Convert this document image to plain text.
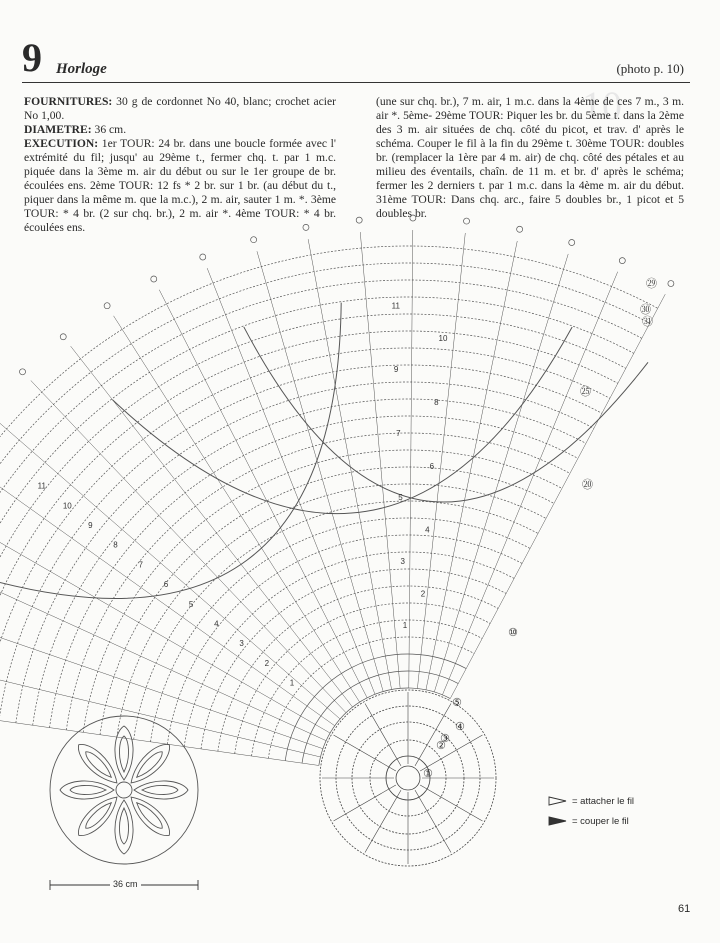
10
9 Horloge	(photo p. 10)

FOURNITURES: 30 g de cordonnet No 40, blanc; crochet acier No 1,00.

DIAMETRE: 36 cm.

EXECUTION: 1er TOUR: 24 br. dans une boucle formée avec l' extrémité du fil; jusqu' au 29ème t., fermer chq. t. par 1 m.c. piquée dans la 3ème m. air du début ou sur le 1er groupe de br. écoulées ens. 2ème TOUR: 12 fs * 2 br. sur 1 br. (au début du t., piquer dans la même m. que la m.c.), 2 m. air, sauter 1 m. *. 3ème TOUR: * 4 br. (2 sur chq. br.), 2 m. air *. 4ème TOUR: * 4 br. écoulées ens.

(une sur chq. br.), 7 m. air, 1 m.c. dans la 4ème de ces 7 m., 3 m. air *. 5ème- 29ème TOUR: Piquer les br. du 5ème t. dans la 2ème des 3 m. air situées de chq. côté du picot, et trav. d' après le schéma. Couper le fil à la fin du 29ème t. 30ème TOUR: doubles br. (remplacer la 1ère par 4 m. air) de chq. côté des pétales et au milieu des éventails, chaîn. de 11 m. et br. d' après le schéma; fermer les 2 derniers t. par 1 m.c. dans la 4ème m. air du début. 31ème TOUR: Dans chq. arc., faire 5 doubles br., 1 picot et 5 doubles br.

1
1
2
2
3
3
4
4
5
5
6
6
7
7
8
8
9
9
10
10
11
11
①
②
③
④
⑤
⑩
⑳
㉕
㉙
㉚
㉛
= attacher le fil
= couper le fil
36 cm
61
